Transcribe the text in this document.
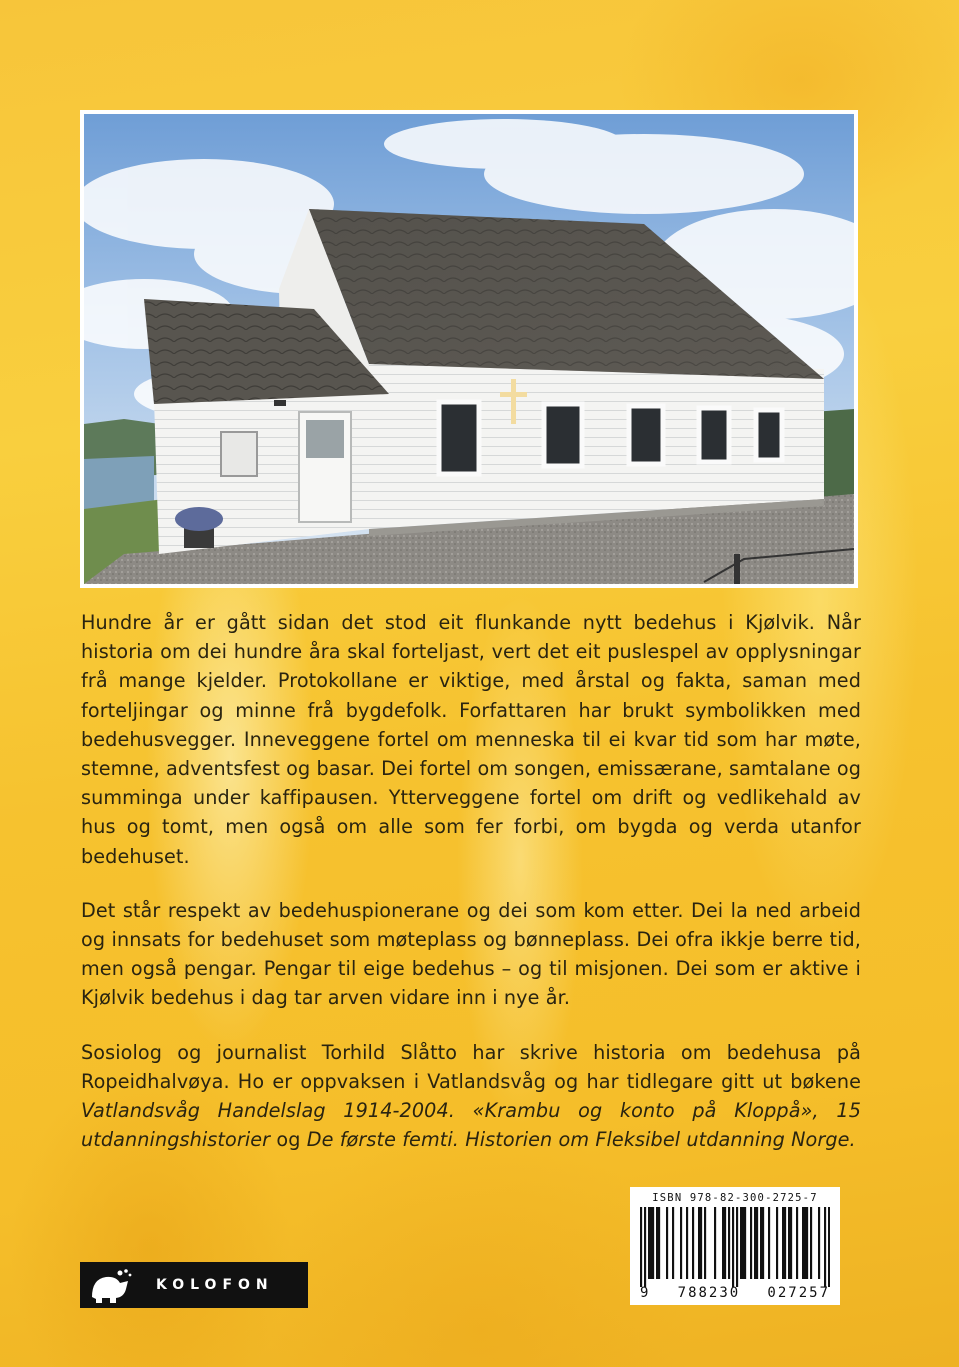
Hundre år er gått sidan det stod eit flunkande nytt bedehus i Kjølvik. Når historia om dei hundre åra skal forteljast, vert det eit puslespel av opplysningar frå mange kjelder. Protokollane er viktige, med årstal og fakta, saman med forteljingar og minne frå bygdefolk. Forfattaren har brukt symbolikken med bedehusvegger. Inneveggene fortel om menneska til ei kvar tid som har møte, stemne, adventsfest og basar. Dei fortel om songen, emissærane, samtalane og summinga under kaffipausen. Ytterveggene fortel om drift og vedlikehald av hus og tomt, men også om alle som fer forbi, om bygda og verda utanfor bedehuset.

Det står respekt av bedehuspionerane og dei som kom etter. Dei la ned arbeid og innsats for bedehuset som møteplass og bønneplass. Dei ofra ikkje berre tid, men også pengar. Pengar til eige bedehus – og til misjonen. Dei som er aktive i Kjølvik bedehus i dag tar arven vidare inn i nye år.

Sosiolog og journalist Torhild Slåtto har skrive historia om bedehusa på Ropeidhalvøya. Ho er oppvaksen i Vatlandsvåg og har tidlegare gitt ut bøkene Vatlandsvåg Handelslag 1914-2004. «Krambu og konto på Kloppå», 15 utdanningshistorier og De første femti. Historien om Fleksibel utdanning Norge.

KOLOFON
ISBN 978-82-300-2725-7
9 788230 027257
